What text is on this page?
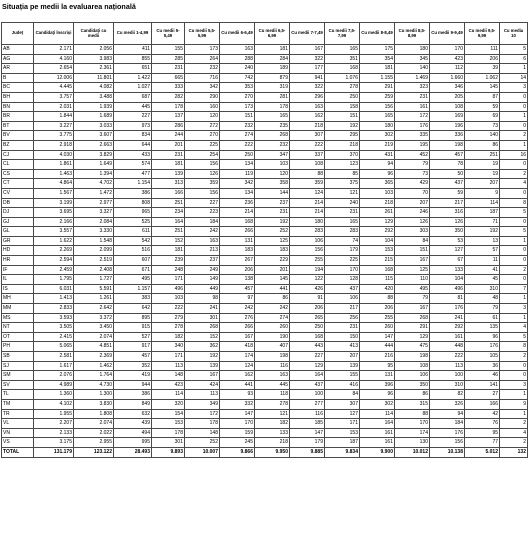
Situația pe medii la evaluarea națională
Județ	Candidați înscriși	Candidați cu medii	Cu medii 1-4,99	Cu medii 5-5,49	Cu medii 5,5-5,99	Cu medii 6-6,49	Cu medii 6,5-6,99	Cu medii 7-7,49	Cu medii 7,5-7,99	Cu medii 8-8,49	Cu medii 8,5-8,99	Cu medii 9-9,49	Cu medii 9,5-9,99	Cu media 10
AB	2.171	2.056	411	155	173	163	181	167	165	175	180	170	111	5
AG	4.160	3.983	855	285	264	288	284	322	351	354	345	423	206	6
AR	2.654	2.361	651	231	232	240	189	177	168	181	140	112	39	1
B	12.006	11.801	1.422	665	716	742	879	941	1.076	1.155	1.469	1.660	1.062	14
BC	4.445	4.082	1.027	333	342	353	319	322	278	291	323	346	145	3
BH	3.757	3.488	687	282	290	270	281	296	250	259	231	205	87	0
BN	2.031	1.939	445	178	160	173	178	163	158	156	161	108	59	0
BR	1.844	1.689	227	137	120	151	165	162	151	165	172	169	69	1
BT	3.227	3.033	973	286	272	232	235	218	192	180	176	196	73	0
BV	3.775	3.607	834	244	270	274	268	307	295	302	335	336	140	2
BZ	2.918	2.663	644	201	225	222	232	222	218	219	195	198	86	1
CJ	4.030	3.829	433	231	254	250	347	337	370	431	452	457	251	16
CL	1.861	1.649	574	181	156	134	103	108	123	94	79	78	19	0
CS	1.463	1.394	477	139	126	119	120	88	85	96	73	50	19	2
CT	4.864	4.702	1.154	313	359	342	358	359	375	365	429	437	207	4
CV	1.567	1.472	386	166	156	134	144	124	121	103	70	59	9	0
DB	3.199	2.977	808	251	227	236	237	214	240	218	207	217	114	8
DJ	3.695	3.327	965	234	223	214	231	214	231	261	246	316	187	5
GJ	2.166	2.084	525	164	184	168	192	180	165	129	126	126	71	0
GL	3.557	3.330	611	251	242	266	252	283	283	292	303	350	192	5
GR	1.622	1.548	542	152	163	131	125	106	74	104	84	53	13	1
HD	2.269	2.099	516	181	213	183	183	156	179	153	151	127	57	0
HR	2.594	2.519	607	239	237	267	229	255	225	215	167	67	11	0
IF	2.459	2.408	671	248	249	206	201	194	170	168	125	133	41	2
IL	1.795	1.727	495	171	149	138	145	122	128	115	110	104	45	0
IS	6.031	5.591	1.157	496	449	457	441	426	437	420	495	496	310	7
MH	1.413	1.261	383	103	98	97	86	91	106	88	79	81	48	1
MM	2.833	2.642	642	222	241	242	242	206	217	206	167	176	79	3
MS	3.593	3.372	895	279	301	276	274	265	256	255	268	241	61	1
NT	3.505	3.450	915	278	268	266	260	250	231	260	291	292	135	4
OT	2.415	2.074	527	182	152	167	190	168	150	147	129	161	96	5
PH	5.065	4.851	917	340	362	418	407	443	413	444	475	448	176	8
SB	2.581	2.369	457	171	192	174	198	227	207	216	198	222	105	2
SJ	1.617	1.462	352	113	139	124	116	129	139	95	108	113	36	0
SM	2.076	1.764	419	148	167	162	163	164	155	131	106	100	46	0
SV	4.989	4.730	944	423	424	441	445	437	416	396	350	310	141	3
TL	1.360	1.300	386	114	113	93	118	100	84	96	86	82	27	1
TM	4.102	3.830	849	320	349	332	278	277	307	302	315	326	166	9
TR	1.955	1.808	632	154	172	147	121	116	127	114	88	94	42	1
VL	2.207	2.074	439	153	178	170	182	185	171	164	170	184	76	2
VN	2.133	2.022	494	178	148	159	133	147	153	161	174	176	95	4
VS	3.175	2.955	995	301	252	245	218	179	187	161	130	156	77	2
TOTAL	131.179	123.122	28.493	9.893	10.007	9.866	9.950	9.885	9.834	9.900	10.012	10.138	5.012	132
